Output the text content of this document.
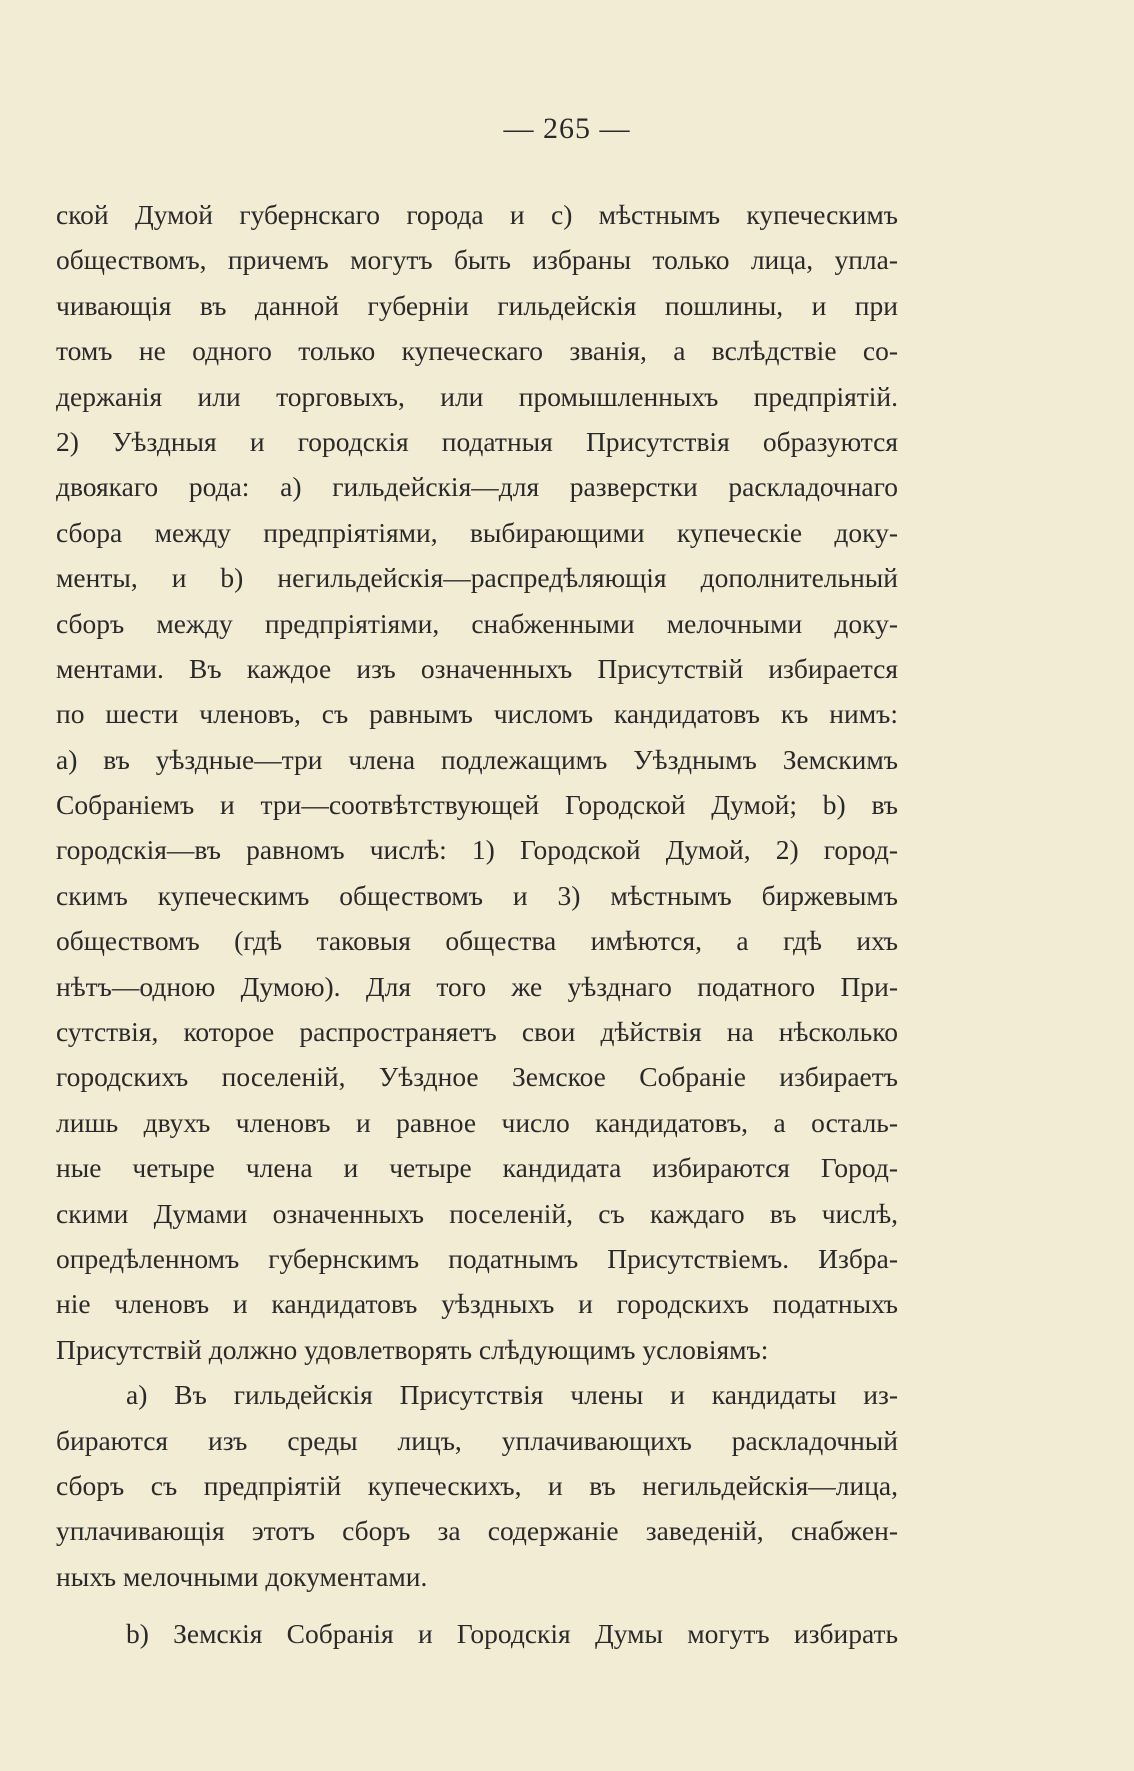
— 265 —
ской Думой губернскаго города и с) мѣстнымъ купеческимъ
обществомъ, причемъ могутъ быть избраны только лица, упла-
чивающія въ данной губерніи гильдейскія пошлины, и при
томъ не одного только купеческаго званія, а вслѣдствіе со-
держанія или торговыхъ, или промышленныхъ предпріятій.
2) Уѣздныя и городскія податныя Присутствія образуются
двоякаго рода: а) гильдейскія—для разверстки раскладочнаго
сбора между предпріятіями, выбирающими купеческіе доку-
менты, и b) негильдейскія—распредѣляющія дополнительный
сборъ между предпріятіями, снабженными мелочными доку-
ментами. Въ каждое изъ означенныхъ Присутствій избирается
по шести членовъ, съ равнымъ числомъ кандидатовъ къ нимъ:
а) въ уѣздные—три члена подлежащимъ Уѣзднымъ Земскимъ
Собраніемъ и три—соотвѣтствующей Городской Думой; b) въ
городскія—въ равномъ числѣ: 1) Городской Думой, 2) город-
скимъ купеческимъ обществомъ и 3) мѣстнымъ биржевымъ
обществомъ (гдѣ таковыя общества имѣются, а гдѣ ихъ
нѣтъ—одною Думою). Для того же уѣзднаго податного При-
сутствія, которое распространяетъ свои дѣйствія на нѣсколько
городскихъ поселеній, Уѣздное Земское Собраніе избираетъ
лишь двухъ членовъ и равное число кандидатовъ, а осталь-
ные четыре члена и четыре кандидата избираются Город-
скими Думами означенныхъ поселеній, съ каждаго въ числѣ,
опредѣленномъ губернскимъ податнымъ Присутствіемъ. Избра-
ніе членовъ и кандидатовъ уѣздныхъ и городскихъ податныхъ
Присутствій должно удовлетворять слѣдующимъ условіямъ:
а) Въ гильдейскія Присутствія члены и кандидаты из-
бираются изъ среды лицъ, уплачивающихъ раскладочный
сборъ съ предпріятій купеческихъ, и въ негильдейскія—лица,
уплачивающія этотъ сборъ за содержаніе заведеній, снабжен-
ныхъ мелочными документами.
b) Земскія Собранія и Городскія Думы могутъ избирать
